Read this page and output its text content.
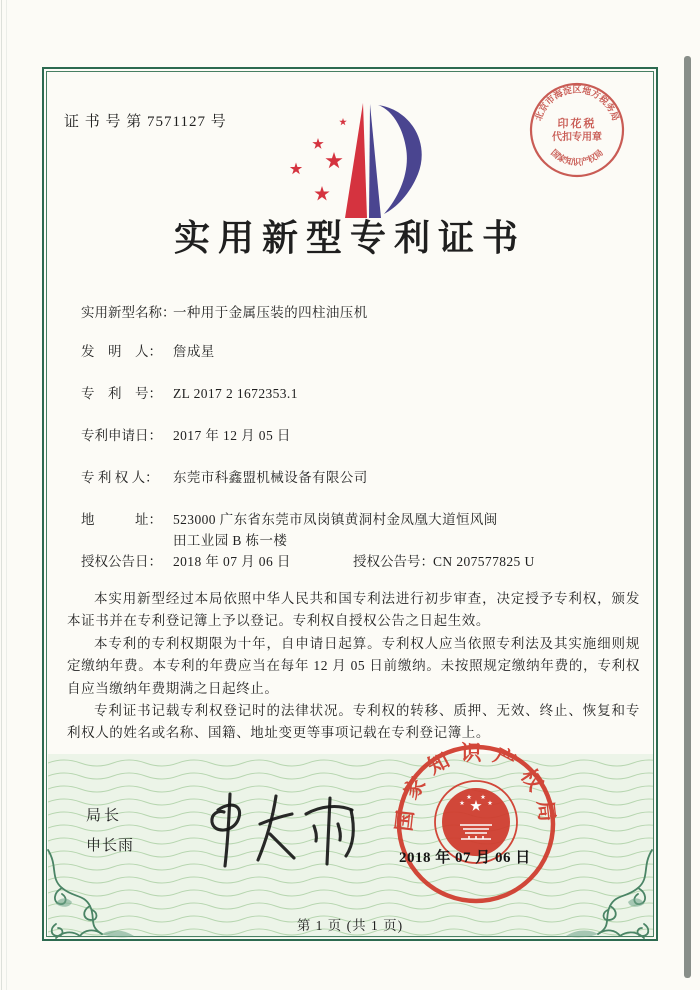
证 书 号 第 7571127 号	北京市海淀区地方税务局
国家知识产权局
印花税
代扣专用章
实用新型专利证书
实用新型名称：一种用于金属压装的四柱油压机
发　明　人： 詹成星
专　利　号： ZL 2017 2 1672353.1
专利申请日： 2017 年 12 月 05 日
专 利 权 人： 东莞市科鑫盟机械设备有限公司
地　　　址： 523000 广东省东莞市凤岗镇黄洞村金凤凰大道恒风闽田工业园 B 栋一楼
授权公告日： 2018 年 07 月 06 日	授权公告号：CN 207577825 U

本实用新型经过本局依照中华人民共和国专利法进行初步审查，决定授予专利权，颁发本证书并在专利登记簿上予以登记。专利权自授权公告之日起生效。

本专利的专利权期限为十年，自申请日起算。专利权人应当依照专利法及其实施细则规定缴纳年费。本专利的年费应当在每年 12 月 05 日前缴纳。未按照规定缴纳年费的，专利权自应当缴纳年费期满之日起终止。

专利证书记载专利权登记时的法律状况。专利权的转移、质押、无效、终止、恢复和专利权人的姓名或名称、国籍、地址变更等事项记载在专利登记簿上。

局长
申长雨
国家知识产权局
2018 年 07 月 06 日
第 1 页 (共 1 页)
